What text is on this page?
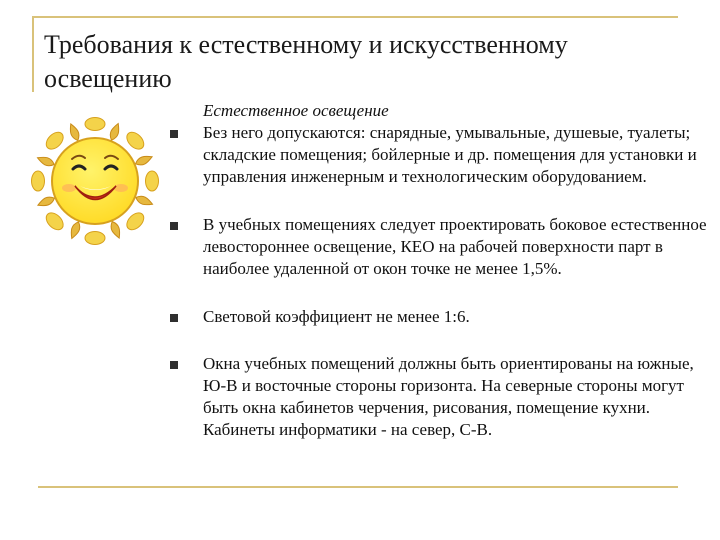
Требования к естественному и искусственному освещению
Естественное освещение
Без него допускаются: снарядные, умывальные, душевые, туалеты; складские помещения; бойлерные и др. помещения для установки и управления инженерным и технологическим оборудованием.
В учебных помещениях следует проектировать боковое естественное левостороннее освещение, КЕО на рабочей поверхности парт в наиболее удаленной от окон точке не менее 1,5%.
Световой коэффициент не менее 1:6.
Окна учебных помещений должны быть ориентированы на южные, Ю-В и восточные стороны горизонта. На северные стороны могут быть окна кабинетов черчения, рисования, помещение кухни. Кабинеты информатики - на север, С-В.
